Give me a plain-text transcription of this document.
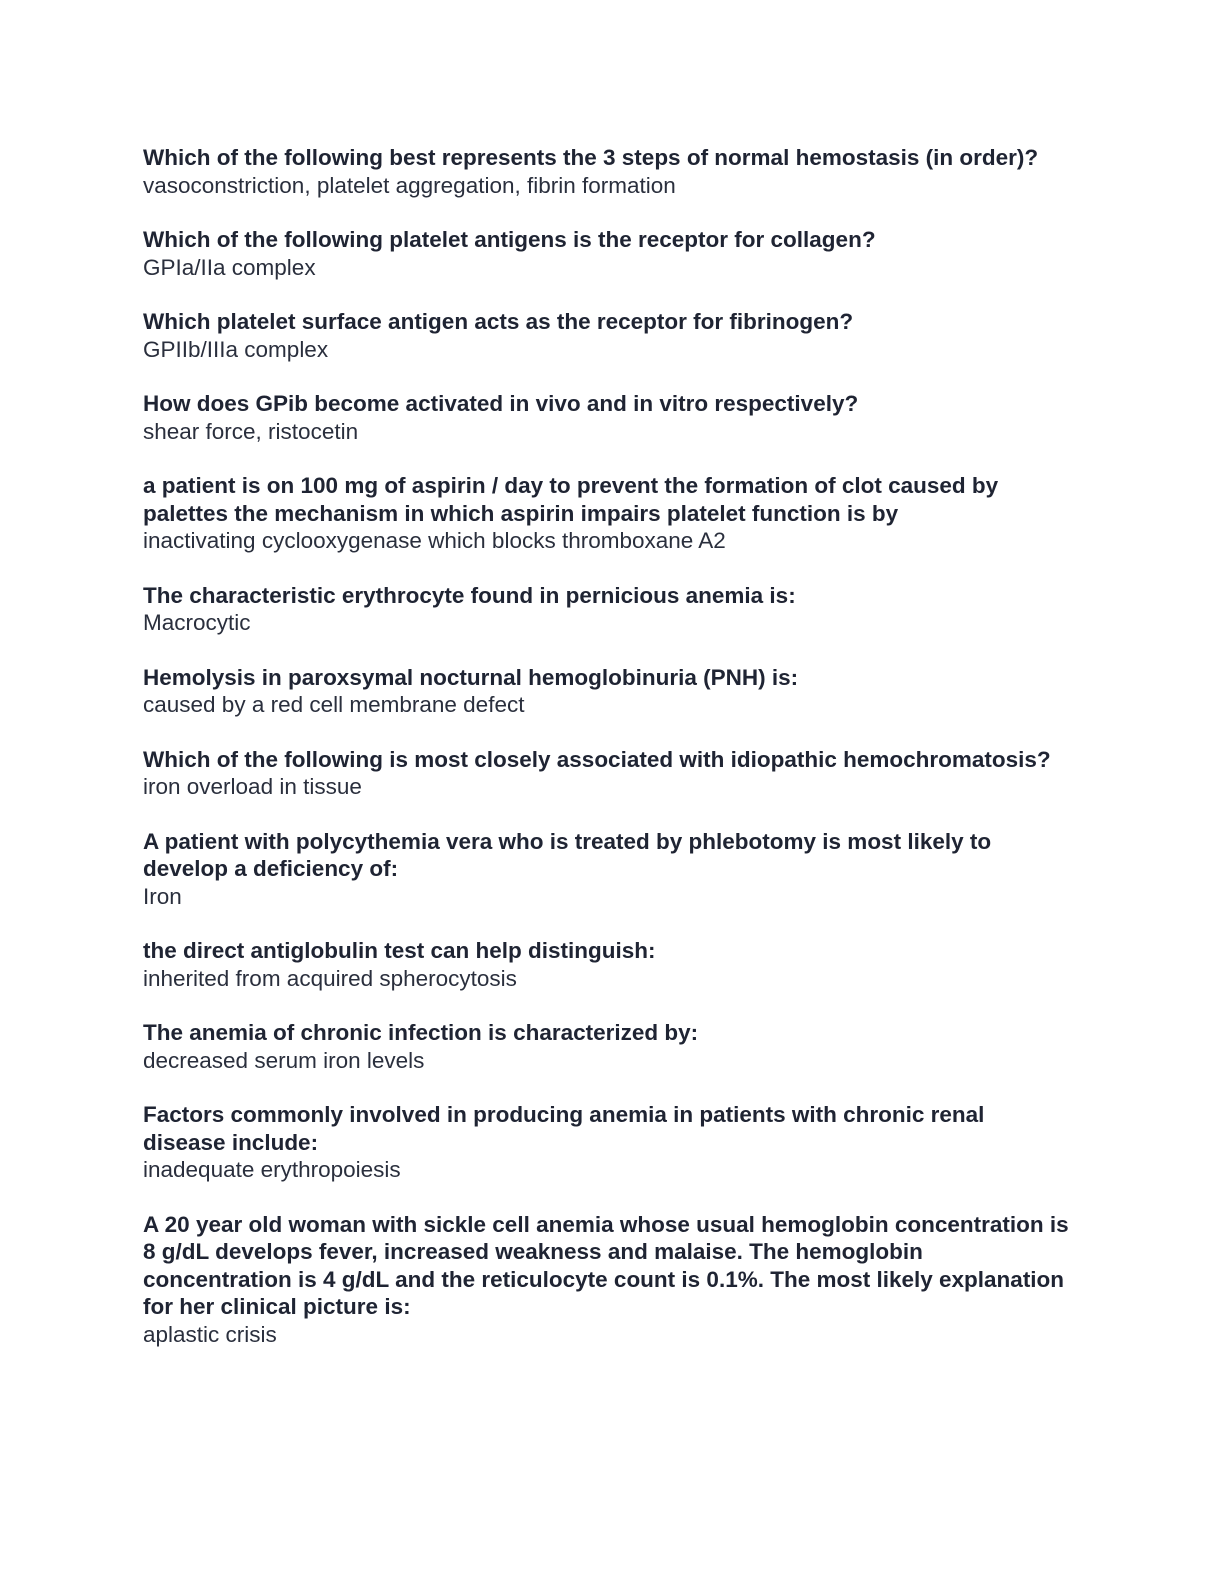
Which of the following best represents the 3 steps of normal hemostasis (in order)?

vasoconstriction, platelet aggregation, fibrin formation

Which of the following platelet antigens is the receptor for collagen?

GPIa/IIa complex

Which platelet surface antigen acts as the receptor for fibrinogen?

GPIIb/IIIa complex

How does GPib become activated in vivo and in vitro respectively?

shear force, ristocetin

a patient is on 100 mg of aspirin / day to prevent the formation of clot caused by palettes the mechanism in which aspirin impairs platelet function is by

inactivating cyclooxygenase which blocks thromboxane A2

The characteristic erythrocyte found in pernicious anemia is:

Macrocytic

Hemolysis in paroxsymal nocturnal hemoglobinuria (PNH) is:

caused by a red cell membrane defect

Which of the following is most closely associated with idiopathic hemochromatosis?

iron overload in tissue

A patient with polycythemia vera who is treated by phlebotomy is most likely to develop a deficiency of:

Iron

the direct antiglobulin test can help distinguish:

inherited from acquired spherocytosis

The anemia of chronic infection is characterized by:

decreased serum iron levels

Factors commonly involved in producing anemia in patients with chronic renal disease include:

inadequate erythropoiesis

A 20 year old woman with sickle cell anemia whose usual hemoglobin concentration is 8 g/dL develops fever, increased weakness and malaise. The hemoglobin concentration is 4 g/dL and the reticulocyte count is 0.1%. The most likely explanation for her clinical picture is:

aplastic crisis
